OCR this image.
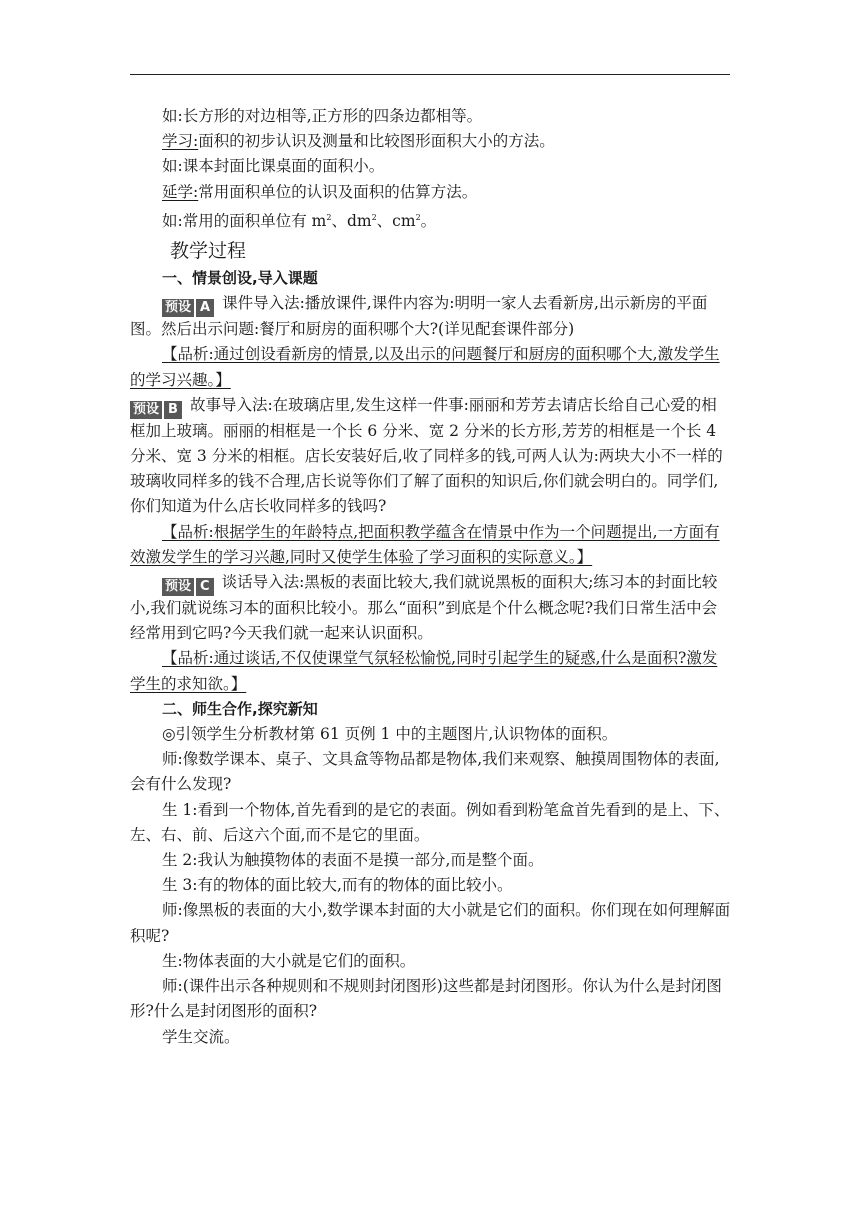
如:长方形的对边相等,正方形的四条边都相等。

学习:面积的初步认识及测量和比较图形面积大小的方法。

如:课本封面比课桌面的面积小。

延学:常用面积单位的认识及面积的估算方法。

如:常用的面积单位有 $m^2$、$dm^2$、$cm^2$。

教学过程

一、情景创设,导入课题

预设 A 课件导入法:播放课件,课件内容为:明明一家人去看新房,出示新房的平面图。然后出示问题:餐厅和厨房的面积哪个大?(详见配套课件部分)

【品析:通过创设看新房的情景,以及出示的问题餐厅和厨房的面积哪个大,激发学生的学习兴趣。】

预设 B 故事导入法:在玻璃店里,发生这样一件事:丽丽和芳芳去请店长给自己心爱的相框加上玻璃。丽丽的相框是一个长 6 分米、宽 2 分米的长方形,芳芳的相框是一个长 4 分米、宽 3 分米的相框。店长安装好后,收了同样多的钱,可两人认为:两块大小不一样的玻璃收同样多的钱不合理,店长说等你们了解了面积的知识后,你们就会明白的。同学们,你们知道为什么店长收同样多的钱吗?

【品析:根据学生的年龄特点,把面积教学蕴含在情景中作为一个问题提出,一方面有效激发学生的学习兴趣,同时又使学生体验了学习面积的实际意义。】

预设 C 谈话导入法:黑板的表面比较大,我们就说黑板的面积大;练习本的封面比较小,我们就说练习本的面积比较小。那么“面积”到底是个什么概念呢?我们日常生活中会经常用到它吗?今天我们就一起来认识面积。

【品析:通过谈话,不仅使课堂气氛轻松愉悦,同时引起学生的疑惑,什么是面积?激发学生的求知欲。】

二、师生合作,探究新知

◎引领学生分析教材第 61 页例 1 中的主题图片,认识物体的面积。

师:像数学课本、桌子、文具盒等物品都是物体,我们来观察、触摸周围物体的表面,会有什么发现?

生 1:看到一个物体,首先看到的是它的表面。例如看到粉笔盒首先看到的是上、下、左、右、前、后这六个面,而不是它的里面。

生 2:我认为触摸物体的表面不是摸一部分,而是整个面。

生 3:有的物体的面比较大,而有的物体的面比较小。

师:像黑板的表面的大小,数学课本封面的大小就是它们的面积。你们现在如何理解面积呢?

生:物体表面的大小就是它们的面积。

师:(课件出示各种规则和不规则封闭图形)这些都是封闭图形。你认为什么是封闭图形?什么是封闭图形的面积?

学生交流。
